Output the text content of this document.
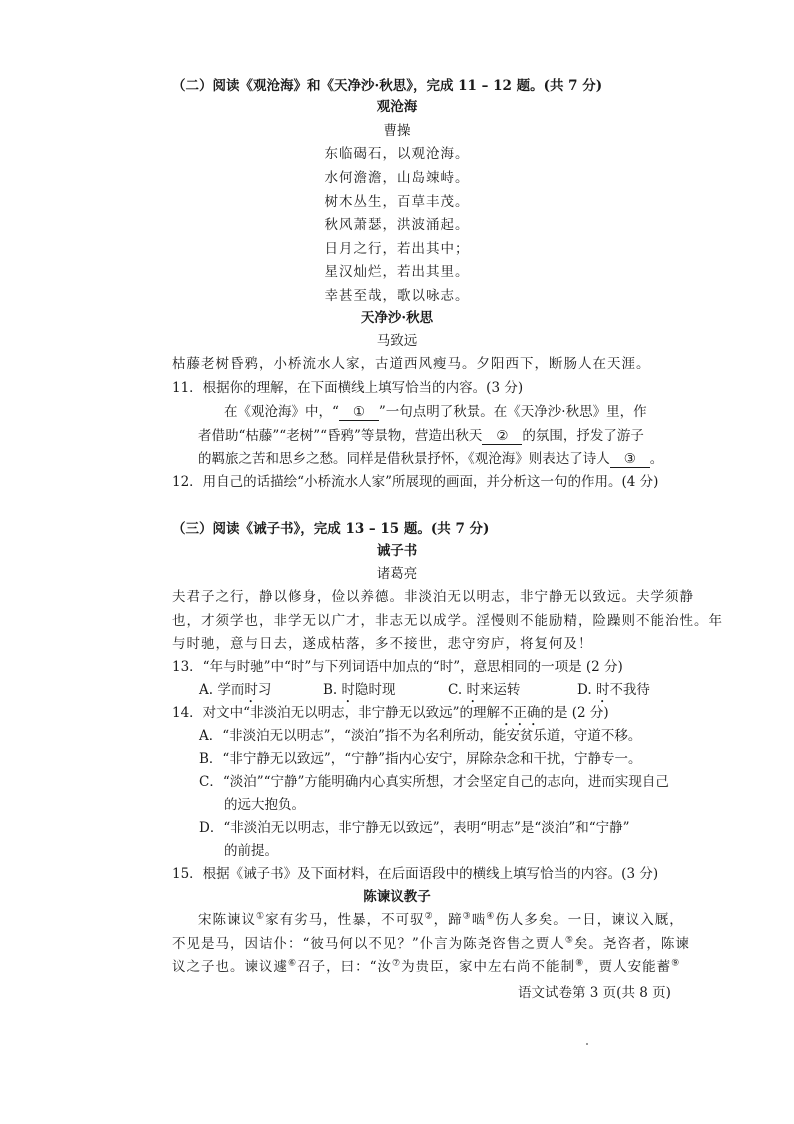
（二）阅读《观沧海》和《天净沙·秋思》，完成 11 – 12 题。(共 7 分)
观沧海
曹操
东临碣石，以观沧海。
水何澹澹，山岛竦峙。
树木丛生，百草丰茂。
秋风萧瑟，洪波涌起。
日月之行，若出其中；
星汉灿烂，若出其里。
幸甚至哉，歌以咏志。
天净沙·秋思
马致远
枯藤老树昏鸦，小桥流水人家，古道西风瘦马。夕阳西下，断肠人在天涯。
11．根据你的理解，在下面横线上填写恰当的内容。(3 分)
在《观沧海》中，“ ① ”一句点明了秋景。在《天净沙·秋思》里，作
者借助“枯藤”“老树”“昏鸦”等景物，营造出秋天 ② 的氛围，抒发了游子
的羁旅之苦和思乡之愁。同样是借秋景抒怀，《观沧海》则表达了诗人 ③ 。
12．用自己的话描绘“小桥流水人家”所展现的画面，并分析这一句的作用。(4 分)
（三）阅读《诫子书》，完成 13 – 15 题。(共 7 分)
诫子书
诸葛亮
夫君子之行，静以修身，俭以养德。非淡泊无以明志，非宁静无以致远。夫学须静
也，才须学也，非学无以广才，非志无以成学。淫慢则不能励精，险躁则不能治性。年
与时驰，意与日去，遂成枯落，多不接世，悲守穷庐，将复何及！
13．“年与时驰”中“时”与下列词语中加点的“时”，意思相同的一项是 (2 分)
A. 学而时习	B. 时隐时现	C. 时来运转	D. 时不我待
14．对文中“非淡泊无以明志，非宁静无以致远”的理解不正确的是 (2 分)
A．“非淡泊无以明志”，“淡泊”指不为名利所动，能安贫乐道，守道不移。
B．“非宁静无以致远”，“宁静”指内心安宁，屏除杂念和干扰，宁静专一。
C．“淡泊”“宁静”方能明确内心真实所想，才会坚定自己的志向，进而实现自己
的远大抱负。
D．“非淡泊无以明志，非宁静无以致远”，表明“明志”是“淡泊”和“宁静”
的前提。
15．根据《诫子书》及下面材料，在后面语段中的横线上填写恰当的内容。(3 分)
陈谏议教子
宋陈谏议①家有劣马，性暴，不可驭②，蹄③啮④伤人多矣。一日，谏议入厩，
不见是马，因诘仆：“彼马何以不见？”仆言为陈尧咨售之贾人⑤矣。尧咨者，陈谏
议之子也。谏议遽⑥召子，曰：“汝⑦为贵臣，家中左右尚不能制⑧，贾人安能蓄⑨
语文试卷第 3 页(共 8 页)
